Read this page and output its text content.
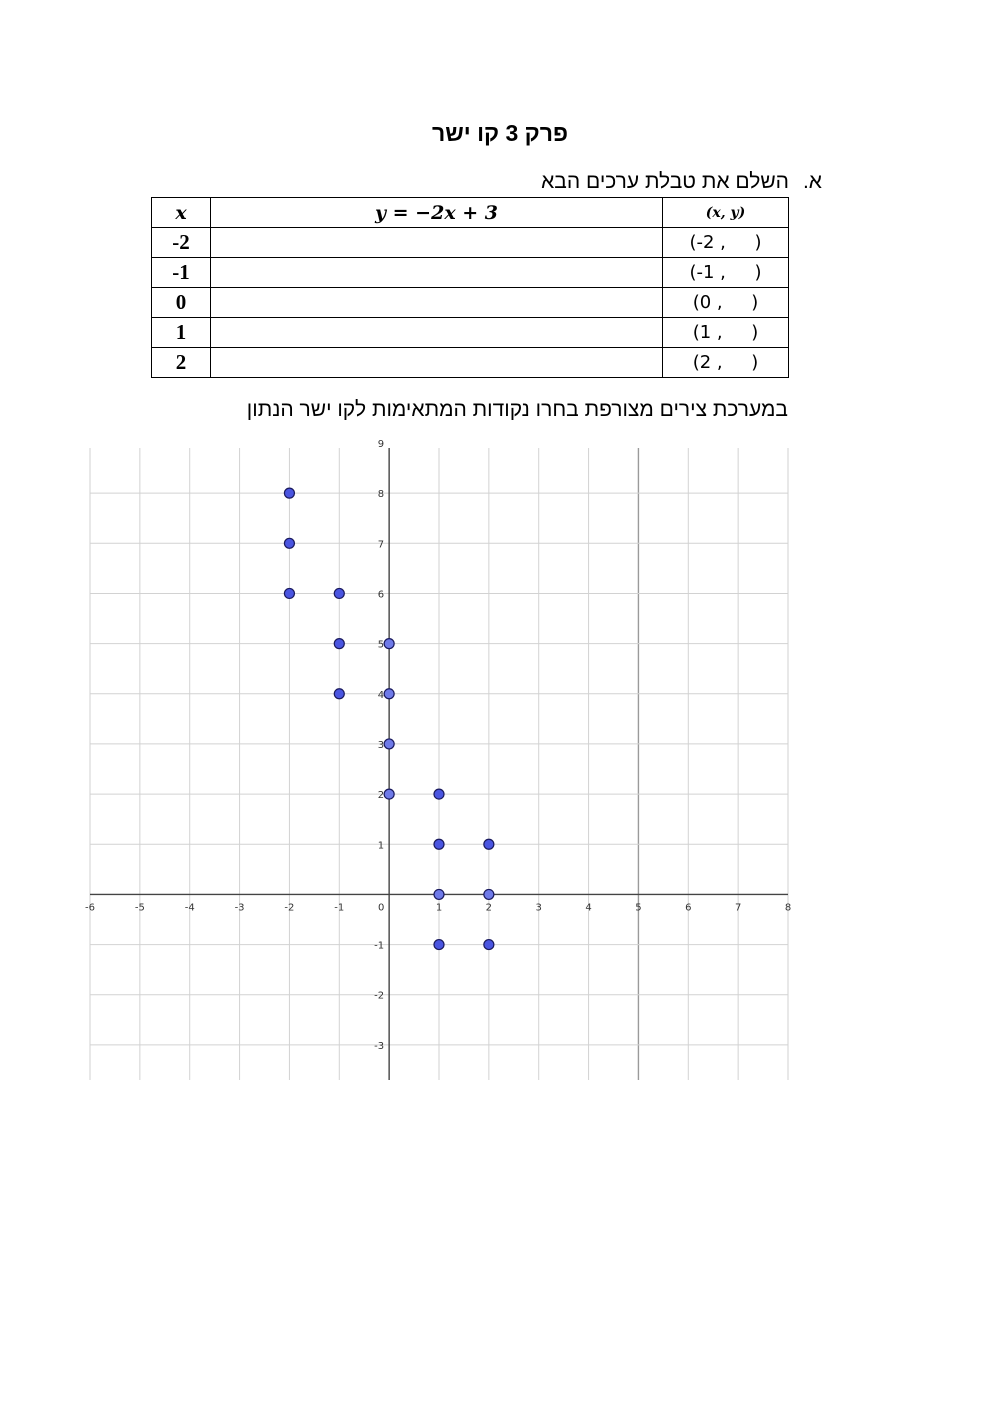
פרק 3 קו ישר
א.השלם את טבלת ערכים הבא
x	y = −2x + 3	(x, y)
-2		(-2 ,     )
-1		(-1 ,     )
0		(0 ,     )
1		(1 ,     )
2		(2 ,     )
במערכת צירים מצורפת בחרו נקודות המתאימות לקו ישר הנתון
-6	-5	-4	-3	-2	-1	0	1	2	3	4	5	6	7	8
-3
-2
-1
1
2
3
4
5
6
7
8
9
